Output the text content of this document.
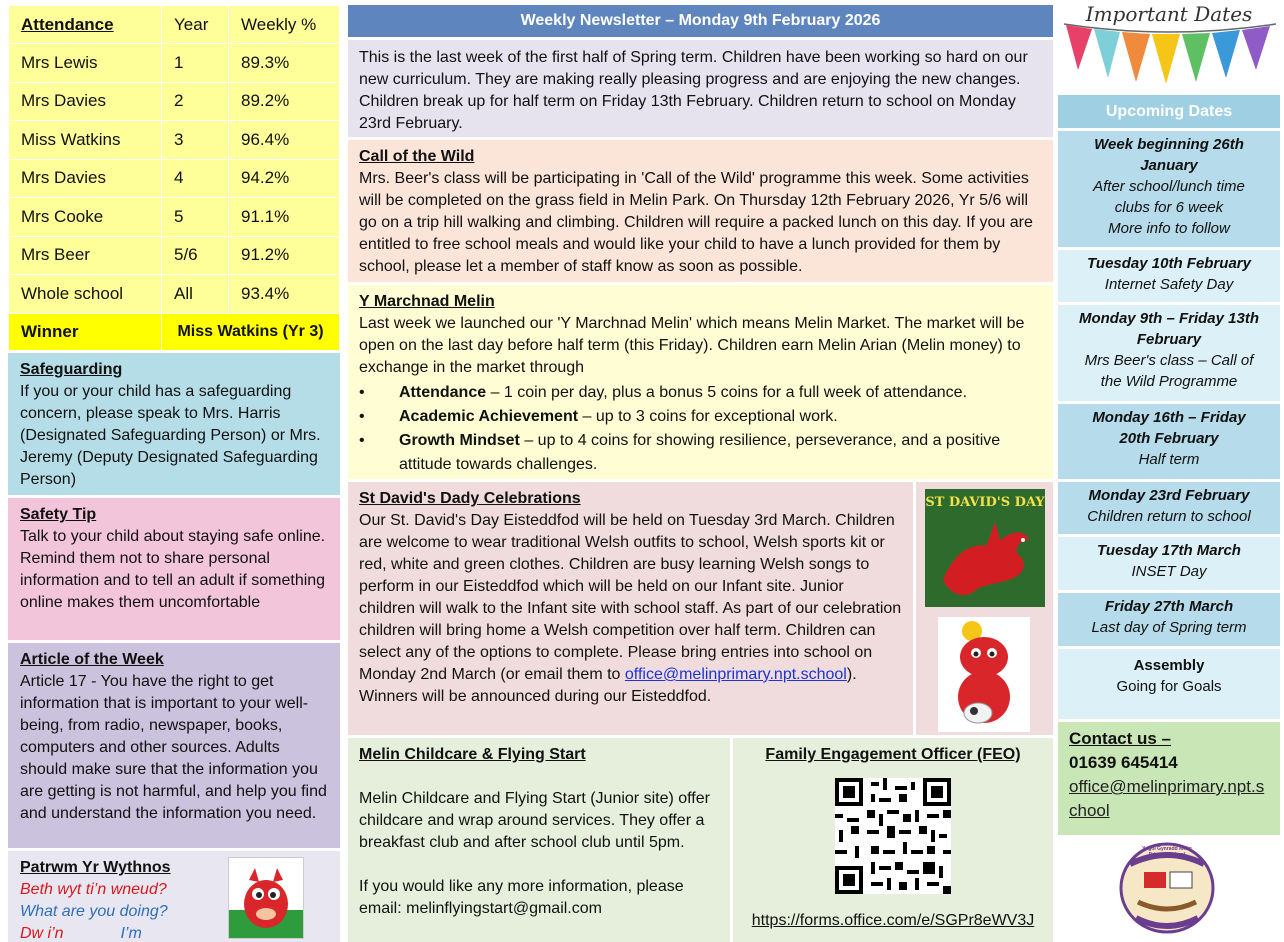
Attendance	Year	Weekly %
Mrs Lewis	1	89.3%
Mrs Davies	2	89.2%
Miss Watkins	3	96.4%
Mrs Davies	4	94.2%
Mrs Cooke	5	91.1%
Mrs Beer	5/6	91.2%
Whole school	All	93.4%
Winner	Miss Watkins (Yr 3)	
Safeguarding

If you or your child has a safeguarding concern, please speak to Mrs. Harris (Designated Safeguarding Person) or Mrs. Jeremy (Deputy Designated Safeguarding Person)

Safety Tip

Talk to your child about staying safe online. Remind them not to share personal information and to tell an adult if something online makes them uncomfortable

Article of the Week

Article 17 - You have the right to get information that is important to your well-being, from radio, newspaper, books, computers and other sources. Adults should make sure that the information you are getting is not harmful, and help you find and understand the information you need.

Patrwm Yr Wythnos

Beth wyt ti’n wneud?

What are you doing?

Dw i’n	I’m

Weekly Newsletter – Monday 9th February 2026

This is the last week of the first half of Spring term. Children have been working so hard on our new curriculum. They are making really pleasing progress and are enjoying the new changes. Children break up for half term on Friday 13th February. Children return to school on Monday 23rd February.

Call of the Wild

Mrs. Beer's class will be participating in 'Call of the Wild' programme this week. Some activities will be completed on the grass field in Melin Park. On Thursday 12th February 2026, Yr 5/6 will go on a trip hill walking and climbing. Children will require a packed lunch on this day. If you are entitled to free school meals and would like your child to have a lunch provided for them by school, please let a member of staff know as soon as possible.

Y Marchnad Melin

Last week we launched our 'Y Marchnad Melin' which means Melin Market. The market will be open on the last day before half term (this Friday). Children earn Melin Arian (Melin money) to exchange in the market through

•	Attendance – 1 coin per day, plus a bonus 5 coins for a full week of attendance.
•	Academic Achievement – up to 3 coins for exceptional work.
•	Growth Mindset – up to 4 coins for showing resilience, perseverance, and a positive attitude towards challenges.
St David's Dady Celebrations

Our St. David's Day Eisteddfod will be held on Tuesday 3rd March. Children are welcome to wear traditional Welsh outfits to school, Welsh sports kit or red, white and green clothes. Children are busy learning Welsh songs to perform in our Eisteddfod which will be held on our Infant site. Junior children will walk to the Infant site with school staff. As part of our celebration children will bring home a Welsh competition over half term. Children can select any of the options to complete. Please bring entries into school on Monday 2nd March (or email them to office@melinprimary.npt.school). Winners will be announced during our Eisteddfod.

ST DAVID'S DAY
Melin Childcare & Flying Start

Melin Childcare and Flying Start (Junior site) offer childcare and wrap around services. They offer a breakfast club and after school club until 5pm.

If you would like any more information, please email: melinflyingstart@gmail.com

Family Engagement Officer (FEO)
https://forms.office.com/e/SGPr8eWV3J
Important Dates
Upcoming Dates
Week beginning 26th January
After school/lunch time clubs for 6 week
More info to follow
Tuesday 10th February
Internet Safety Day
Monday 9th – Friday 13th February
Mrs Beer's class – Call of the Wild Programme
Monday 16th – Friday 20th February
Half term
Monday 23rd February
Children return to school
Tuesday 17th March
INSET Day
Friday 27th March
Last day of Spring term
Assembly
Going for Goals
Contact us –

01639 645414

office@melinprimary.npt.school
Ysgol Gynradd Melin Primary School
